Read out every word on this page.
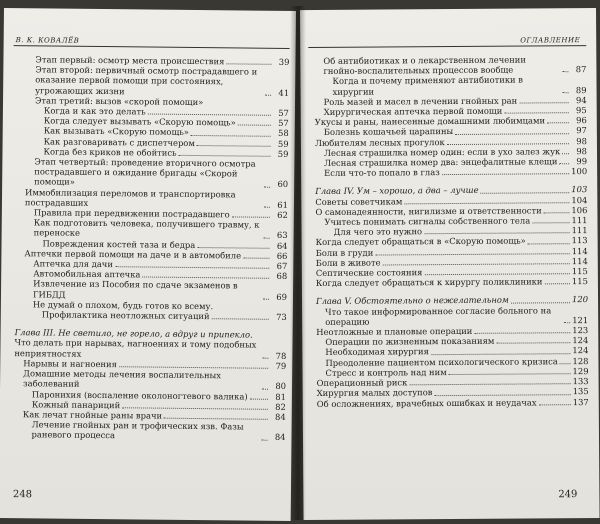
В. К. КОВАЛЁВ
Этап первый: осмотр места происшествия	39
Этап второй: первичный осмотр пострадавшего и оказание первой помощи при состояниях, угрожающих жизни	41
Этап третий: вызов «скорой помощи»
Когда и как это делать	57
Когда следует вызывать «Скорую помощь»	57
Как вызывать «Скорую помощь»	58
Как разговаривать с диспетчером	59
Когда без криков не обойтись	59
Этап четвертый: проведение вторичного осмотра пострадавшего и ожидание бригады «Скорой помощи»	60
Иммобилизация переломов и транспортировка пострадавших	61
Правила при передвижении пострадавшего	62
Как подготовить человека, получившего травму, к переноске	63
Повреждения костей таза и бедра	64
Аптечки первой помощи на даче и в автомобиле	66
Аптечка для дачи	67
Автомобильная аптечка	68
Извлечение из Пособия по сдаче экзаменов в ГИБДД	69
Не думай о плохом, будь готов ко всему.
Профилактика неотложных ситуаций	73
Глава III. Не светило, не горело, а вдруг и припекло.
Что делать при нарывах, нагноениях и тому подобных неприятностях	78
Нарывы и нагноения	79
Домашние методы лечения воспалительных заболеваний	80
Паронихия (воспаление околоногтевого валика)	81
Кожный панариций	82
Как лечат гнойные раны врачи	84
Лечение гнойных ран и трофических язв. Фазы раневого процесса	84
248
ОГЛАВЛЕНИЕ
Об антибиотиках и о лекарственном лечении гнойно-воспалительных процессов вообще	87
Когда и почему применяют антибиотики в хирургии	89
Роль мазей и масел в лечении гнойных ран	94
Хирургическая аптечка первой помощи	95
Укусы и раны, нанесенные домашними любимцами	96
Болезнь кошачьей царапины	97
Любителям лесных прогулок	98
Лесная страшилка номер один: если в ухо залез жук	98
Лесная страшилка номер два: энцефалитные клещи	99
Если что-то попало в глаз	100
Глава IV. Ум – хорошо, а два – лучше	103
Советы советчикам	104
О самонадеянности, нигилизме и ответственности	106
Учитесь понимать сигналы собственного тела	111
Для чего это нужно	111
Когда следует обращаться в «Скорую помощь»	113
Боли в груди	114
Боли в животе	114
Септические состояния	115
Когда следует обращаться к хирургу поликлиники	115
Глава V. Обстоятельно о нежелательном	120
Что такое информированное согласие больного на операцию	121
Неотложные и плановые операции	123
Операции по жизненным показаниям	124
Необходимая хирургия	124
Преодоление пациентом психологического кризиса 128
Стресс и контроль над ним	129
Операционный риск	133
Хирургия малых доступов	135
Об осложнениях, врачебных ошибках и неудачах	137
249
